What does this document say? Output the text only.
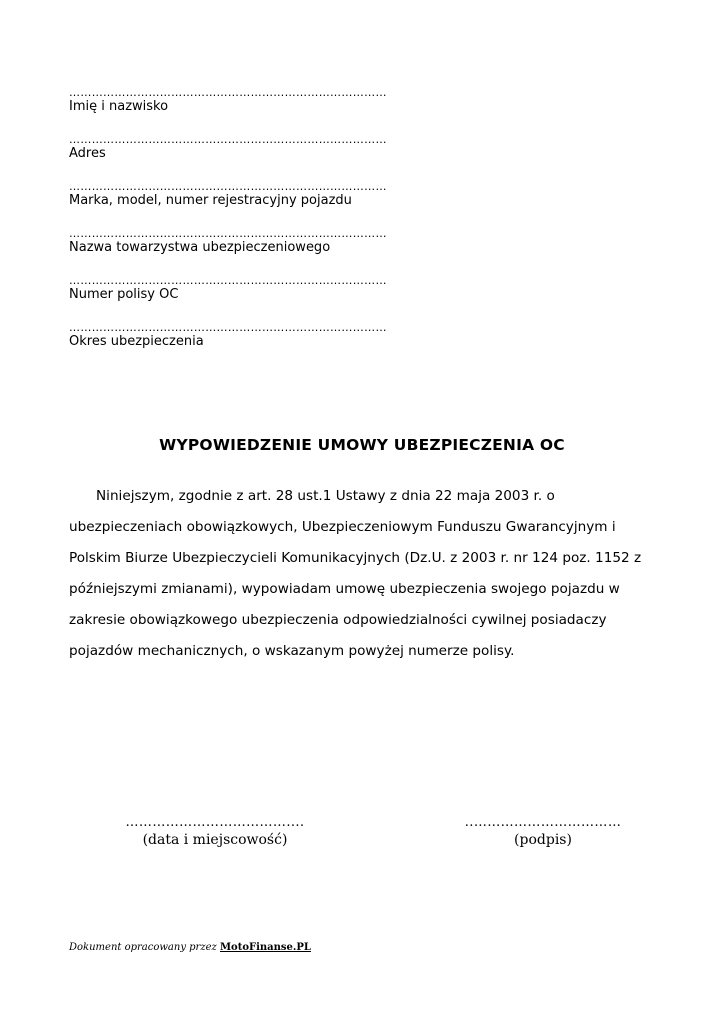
…………………………………………………………………………
Imię i nazwisko
…………………………………………………………………………
Adres
…………………………………………………………………………
Marka, model, numer rejestracyjny pojazdu
…………………………………………………………………………
Nazwa towarzystwa ubezpieczeniowego
…………………………………………………………………………
Numer polisy OC
…………………………………………………………………………
Okres ubezpieczenia
WYPOWIEDZENIE UMOWY UBEZPIECZENIA OC
Niniejszym, zgodnie z art. 28 ust.1 Ustawy z dnia 22 maja 2003 r. o
ubezpieczeniach obowiązkowych, Ubezpieczeniowym Funduszu Gwarancyjnym i
Polskim Biurze Ubezpieczycieli Komunikacyjnych (Dz.U. z 2003 r. nr 124 poz. 1152 z
późniejszymi zmianami), wypowiadam umowę ubezpieczenia swojego pojazdu w
zakresie obowiązkowego ubezpieczenia odpowiedzialności cywilnej posiadaczy
pojazdów mechanicznych, o wskazanym powyżej numerze polisy.
………………………………....
(data i miejscowość)
..……………………………
(podpis)
Dokument opracowany przez MotoFinanse.PL
